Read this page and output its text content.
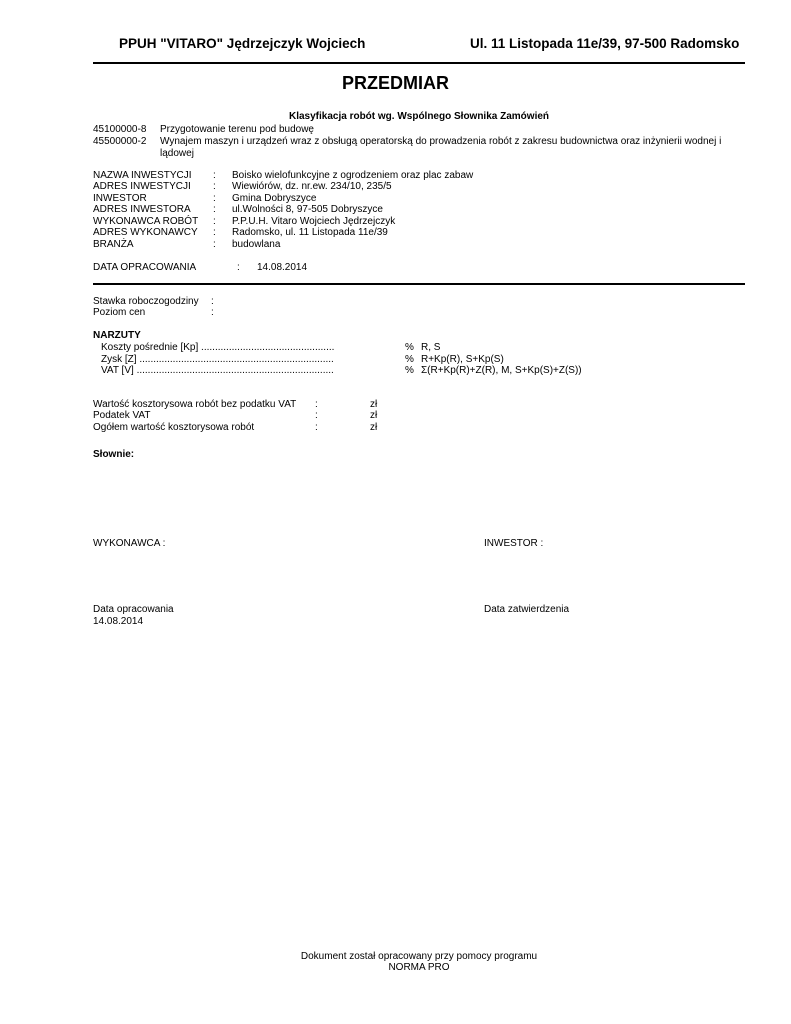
PPUH "VITARO" Jędrzejczyk Wojciech	Ul. 11 Listopada 11e/39, 97-500 Radomsko
PRZEDMIAR
Klasyfikacja robót wg. Wspólnego Słownika Zamówień
45100000-8 Przygotowanie terenu pod budowę
45500000-2 Wynajem maszyn i urządzeń wraz z obsługą operatorską do prowadzenia robót z zakresu budownictwa oraz inżynierii wodnej i lądowej
NAZWA INWESTYCJI : Boisko wielofunkcyjne z ogrodzeniem oraz plac zabaw
ADRES INWESTYCJI : Wiewiórów, dz. nr.ew. 234/10, 235/5
INWESTOR	: Gmina Dobryszyce
ADRES INWESTORA : ul.Wolności 8, 97-505 Dobryszyce
WYKONAWCA ROBÓT : P.P.U.H. Vitaro Wojciech Jędrzejczyk
ADRES WYKONAWCY : Radomsko, ul. 11 Listopada 11e/39
BRANŻA	: budowlana
DATA OPRACOWANIA	: 14.08.2014
Stawka roboczogodziny :
Poziom cen	:
NARZUTY
Koszty pośrednie [Kp] ................................................	% R, S
Zysk [Z] ......................................................................	% R+Kp(R), S+Kp(S)
VAT [V] .......................................................................	% Σ(R+Kp(R)+Z(R), M, S+Kp(S)+Z(S))
Wartość kosztorysowa robót bez podatku VAT :	zł
Podatek VAT	:	zł
Ogółem wartość kosztorysowa robót	:	zł
Słownie:
WYKONAWCA :	INWESTOR :
Data opracowania
14.08.2014
Data zatwierdzenia
Dokument został opracowany przy pomocy programu
NORMA PRO
